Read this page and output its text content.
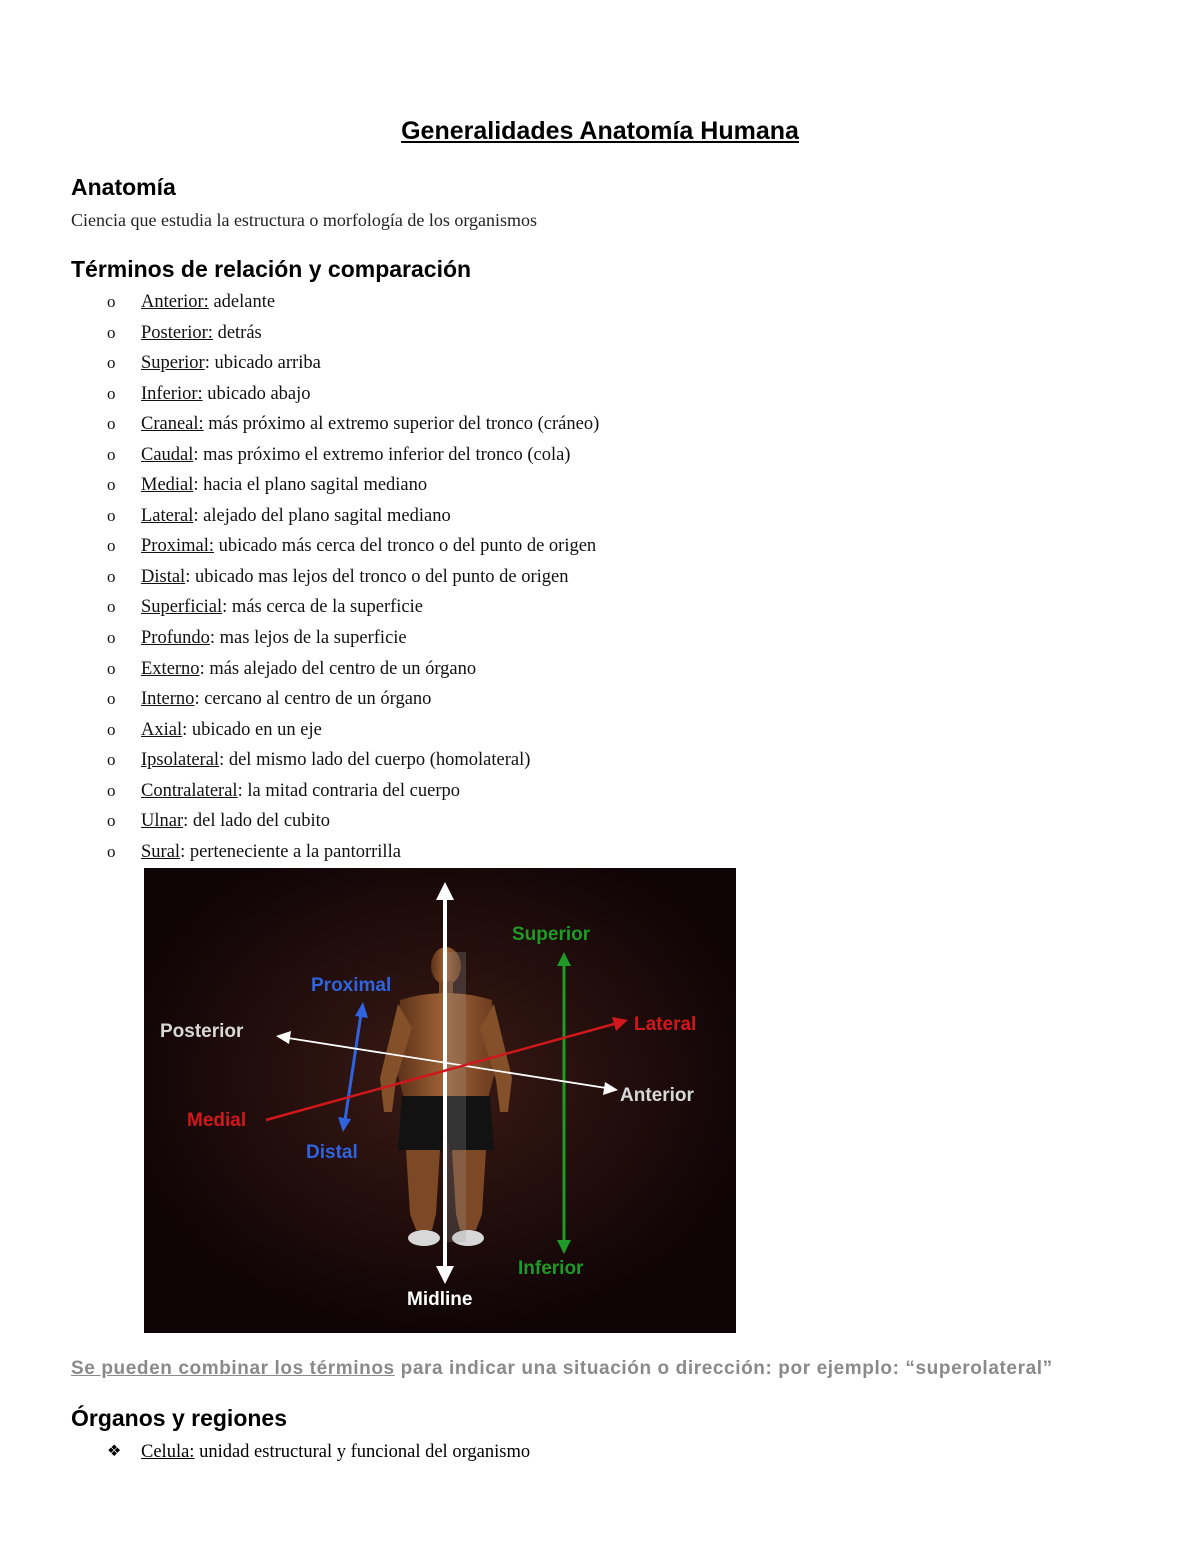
Generalidades Anatomía Humana
Anatomía
Ciencia que estudia la estructura o morfología de los organismos
Términos de relación y comparación
o	Anterior: adelante
o	Posterior: detrás
o	Superior : ubicado arriba
o	Inferior: ubicado abajo
o	Craneal: más próximo al extremo superior del tronco (cráneo)
o	Caudal : mas próximo el extremo inferior del tronco (cola)
o	Medial : hacia el plano sagital mediano
o	Lateral : alejado del plano sagital mediano
o	Proximal: ubicado más cerca del tronco o del punto de origen
o	Distal : ubicado mas lejos del tronco o del punto de origen
o	Superficial : más cerca de la superficie
o	Profundo : mas lejos de la superficie
o	Externo : más alejado del centro de un órgano
o	Interno : cercano al centro de un órgano
o	Axial : ubicado en un eje
o	Ipsolateral : del mismo lado del cuerpo (homolateral)
o	Contralateral : la mitad contraria del cuerpo
o	Ulnar : del lado del cubito
o	Sural : perteneciente a la pantorrilla
Superior
Inferior
Proximal
Distal
Posterior
Anterior
Lateral
Medial
Midline
Se pueden combinar los términos para indicar una situación o dirección: por ejemplo: “superolateral”
Órganos y regiones
❖	Celula: unidad estructural y funcional del organismo
